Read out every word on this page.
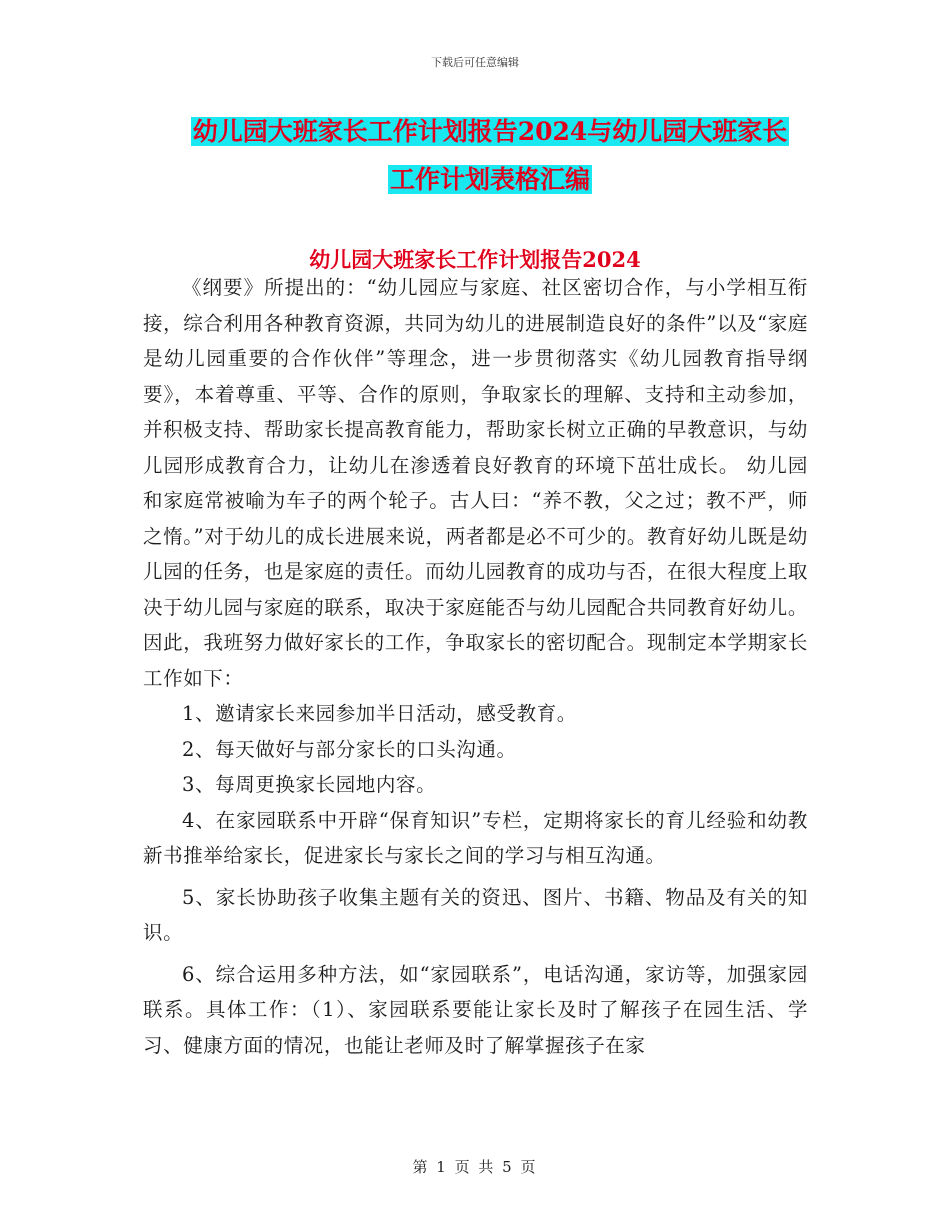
下载后可任意编辑
幼儿园大班家长工作计划报告2024与幼儿园大班家长
工作计划表格汇编
幼儿园大班家长工作计划报告2024

《纲要》所提出的：“幼儿园应与家庭、社区密切合作，与小学相互衔接，综合利用各种教育资源，共同为幼儿的进展制造良好的条件”以及“家庭是幼儿园重要的合作伙伴”等理念，进一步贯彻落实《幼儿园教育指导纲要》，本着尊重、平等、合作的原则，争取家长的理解、支持和主动参加，并积极支持、帮助家长提高教育能力，帮助家长树立正确的早教意识，与幼儿园形成教育合力，让幼儿在渗透着良好教育的环境下茁壮成长。 幼儿园和家庭常被喻为车子的两个轮子。古人曰：“养不教，父之过；教不严，师之惰。”对于幼儿的成长进展来说，两者都是必不可少的。教育好幼儿既是幼儿园的任务，也是家庭的责任。而幼儿园教育的成功与否，在很大程度上取决于幼儿园与家庭的联系，取决于家庭能否与幼儿园配合共同教育好幼儿。因此，我班努力做好家长的工作，争取家长的密切配合。现制定本学期家长工作如下：

1、邀请家长来园参加半日活动，感受教育。

2、每天做好与部分家长的口头沟通。

3、每周更换家长园地内容。

4、在家园联系中开辟“保育知识”专栏，定期将家长的育儿经验和幼教新书推举给家长，促进家长与家长之间的学习与相互沟通。

5、家长协助孩子收集主题有关的资迅、图片、书籍、物品及有关的知识。

6、综合运用多种方法，如“家园联系”，电话沟通，家访等，加强家园联系。具体工作：（1）、家园联系要能让家长及时了解孩子在园生活、学习、健康方面的情况，也能让老师及时了解掌握孩子在家

第 1 页 共 5 页
